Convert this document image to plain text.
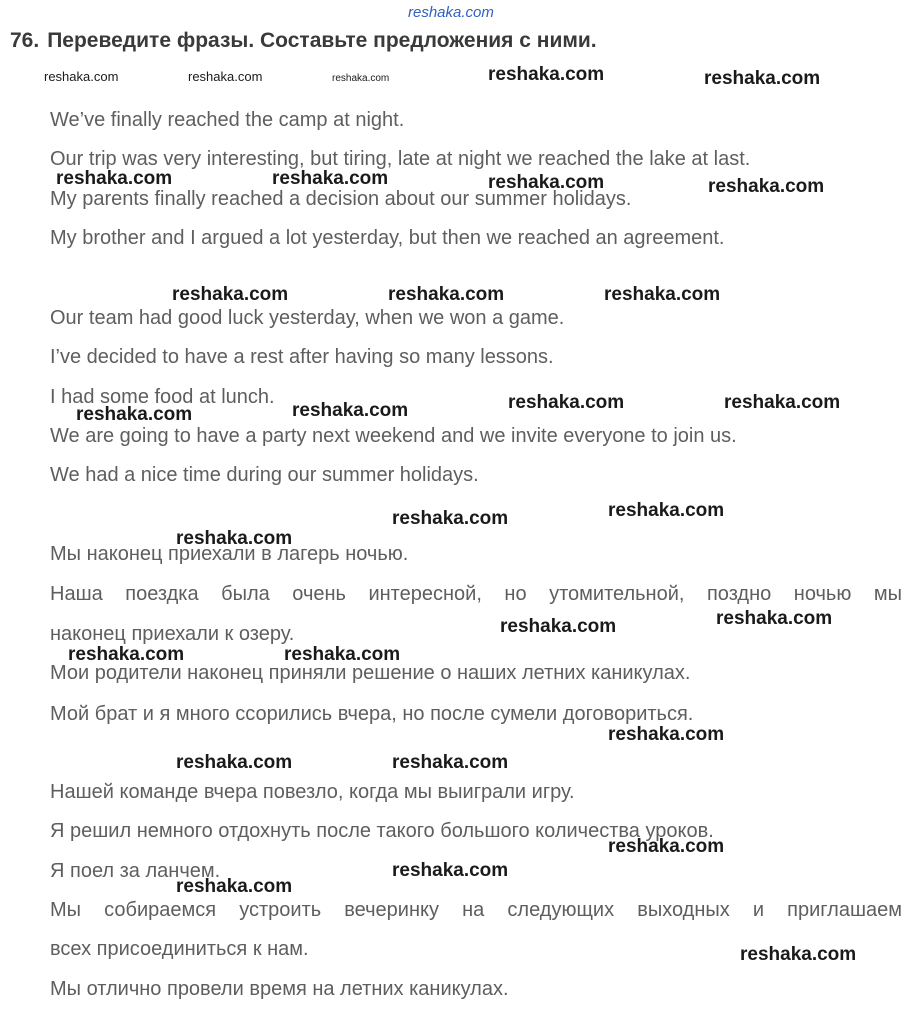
reshaka.com
76. Переведите фразы. Составьте предложения с ними.
We’ve finally reached the camp at night.
Our trip was very interesting, but tiring, late at night we reached the lake at last.
My parents finally reached a decision about our summer holidays.
My brother and I argued a lot yesterday, but then we reached an agreement.
Our team had good luck yesterday, when we won a game.
I’ve decided to have a rest after having so many lessons.
I had some food at lunch.
We are going to have a party next weekend and we invite everyone to join us.
We had a nice time during our summer holidays.
Мы наконец приехали в лагерь ночью.
Наша поездка была очень интересной, но утомительной, поздно ночью мы
наконец приехали к озеру.
Мои родители наконец приняли решение о наших летних каникулах.
Мой брат и я много ссорились вчера, но после сумели договориться.
Нашей команде вчера повезло, когда мы выиграли игру.
Я решил немного отдохнуть после такого большого количества уроков.
Я поел за ланчем.
Мы собираемся устроить вечеринку на следующих выходных и приглашаем
всех присоединиться к нам.
Мы отлично провели время на летних каникулах.
reshaka.com	reshaka.com	reshaka.com	reshaka.com	reshaka.com
reshaka.com	reshaka.com	reshaka.com	reshaka.com
reshaka.com	reshaka.com	reshaka.com
reshaka.com	reshaka.com	reshaka.com	reshaka.com
reshaka.com
reshaka.com	reshaka.com
reshaka.com	reshaka.com
reshaka.com	reshaka.com
reshaka.com
reshaka.com	reshaka.com
reshaka.com
reshaka.com
reshaka.com
reshaka.com
